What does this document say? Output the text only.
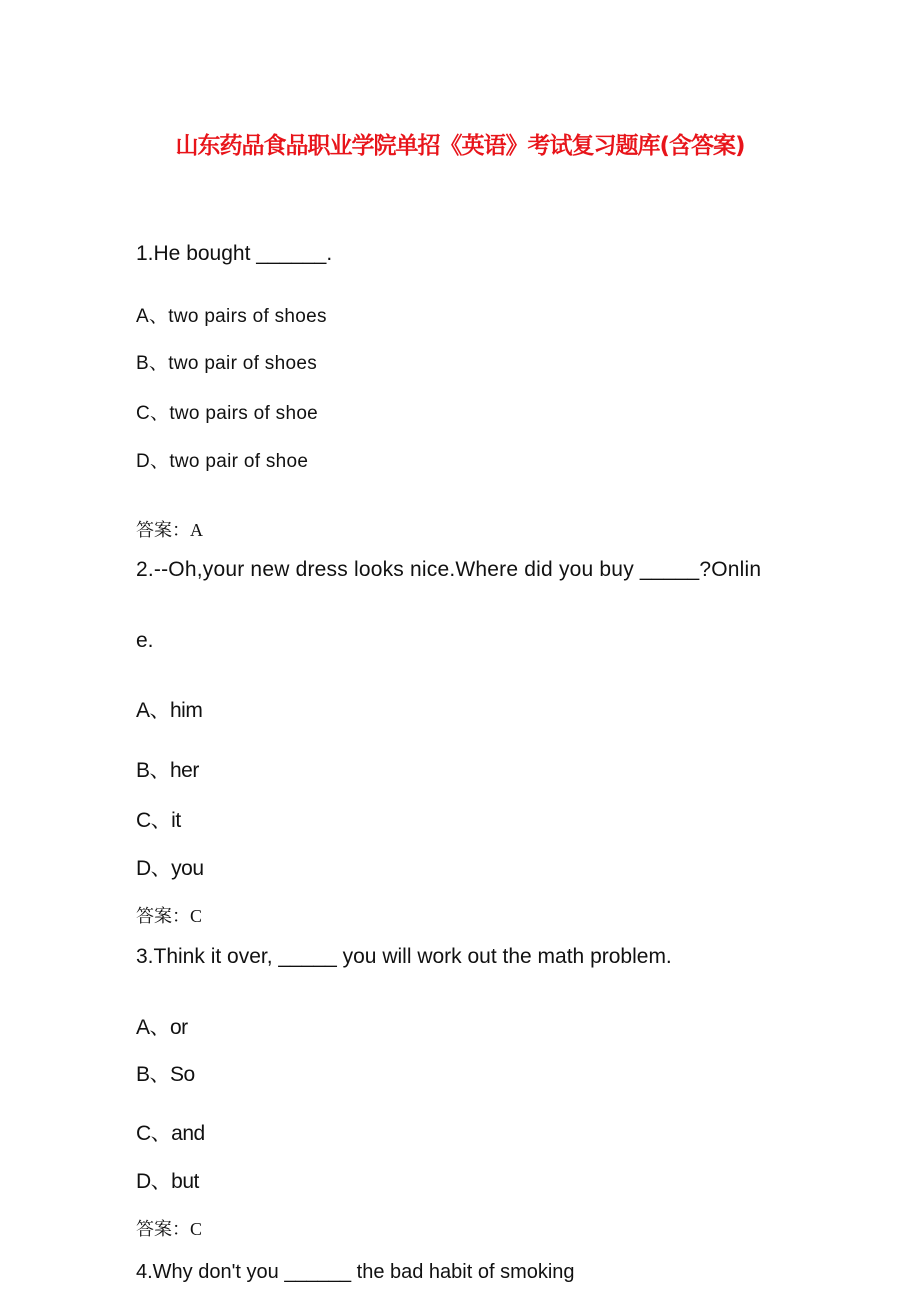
山东药品食品职业学院单招《英语》考试复习题库(含答案)
1.He bought ______.
A、two pairs of shoes
B、two pair of shoes
C、two pairs of shoe
D、two pair of shoe
答案：A
2.--Oh,your new dress looks nice.Where did you buy _____?Onlin
e.
A、him
B、her
C、it
D、you
答案：C
3.Think it over, _____ you will work out the math problem.
A、or
B、So
C、and
D、but
答案：C
4.Why don't you ______ the bad habit of smoking
